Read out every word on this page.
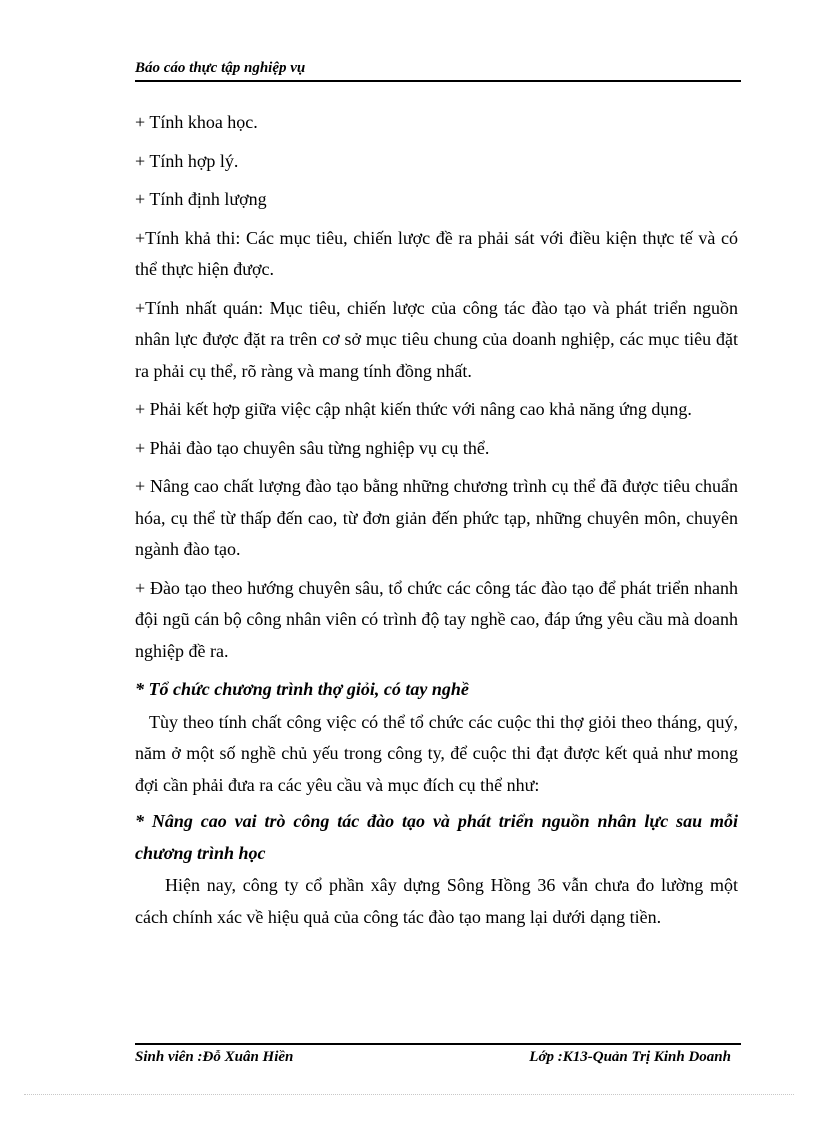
Báo cáo thực tập nghiệp vụ

+ Tính khoa học.

+ Tính hợp lý.

+ Tính định lượng

+Tính khả thi: Các mục tiêu, chiến lược đề ra phải sát với điều kiện thực tế và có thể thực hiện được.

+Tính nhất quán: Mục tiêu, chiến lược của công tác đào tạo và phát triển nguồn nhân lực được đặt ra trên cơ sở mục tiêu chung của doanh nghiệp, các mục tiêu đặt ra phải cụ thể, rõ ràng và mang tính đồng nhất.

+ Phải kết hợp giữa việc cập nhật kiến thức với nâng cao khả năng ứng dụng.

+ Phải đào tạo chuyên sâu từng nghiệp vụ cụ thể.

+ Nâng cao chất lượng đào tạo bằng những chương trình cụ thể đã được tiêu chuẩn hóa, cụ thể từ thấp đến cao, từ đơn giản đến phức tạp, những chuyên môn, chuyên ngành đào tạo.

+ Đào tạo theo hướng chuyên sâu, tổ chức các công tác đào tạo để phát triển nhanh đội ngũ cán bộ công nhân viên có trình độ tay nghề cao, đáp ứng yêu cầu mà doanh nghiệp đề ra.

* Tổ chức chương trình thợ giỏi, có tay nghề

Tùy theo tính chất công việc có thể tổ chức các cuộc thi thợ giỏi theo tháng, quý, năm ở một số nghề chủ yếu trong công ty, để cuộc thi đạt được kết quả như mong đợi cần phải đưa ra các yêu cầu và mục đích cụ thể như:

* Nâng cao vai trò công tác đào tạo và phát triển nguồn nhân lực sau mỗi chương trình học

Hiện nay, công ty cổ phần xây dựng Sông Hồng 36 vẫn chưa đo lường một cách chính xác về hiệu quả của công tác đào tạo mang lại dưới dạng tiền.

Sinh viên :Đỗ Xuân Hiền	Lớp :K13-Quản Trị Kinh Doanh
